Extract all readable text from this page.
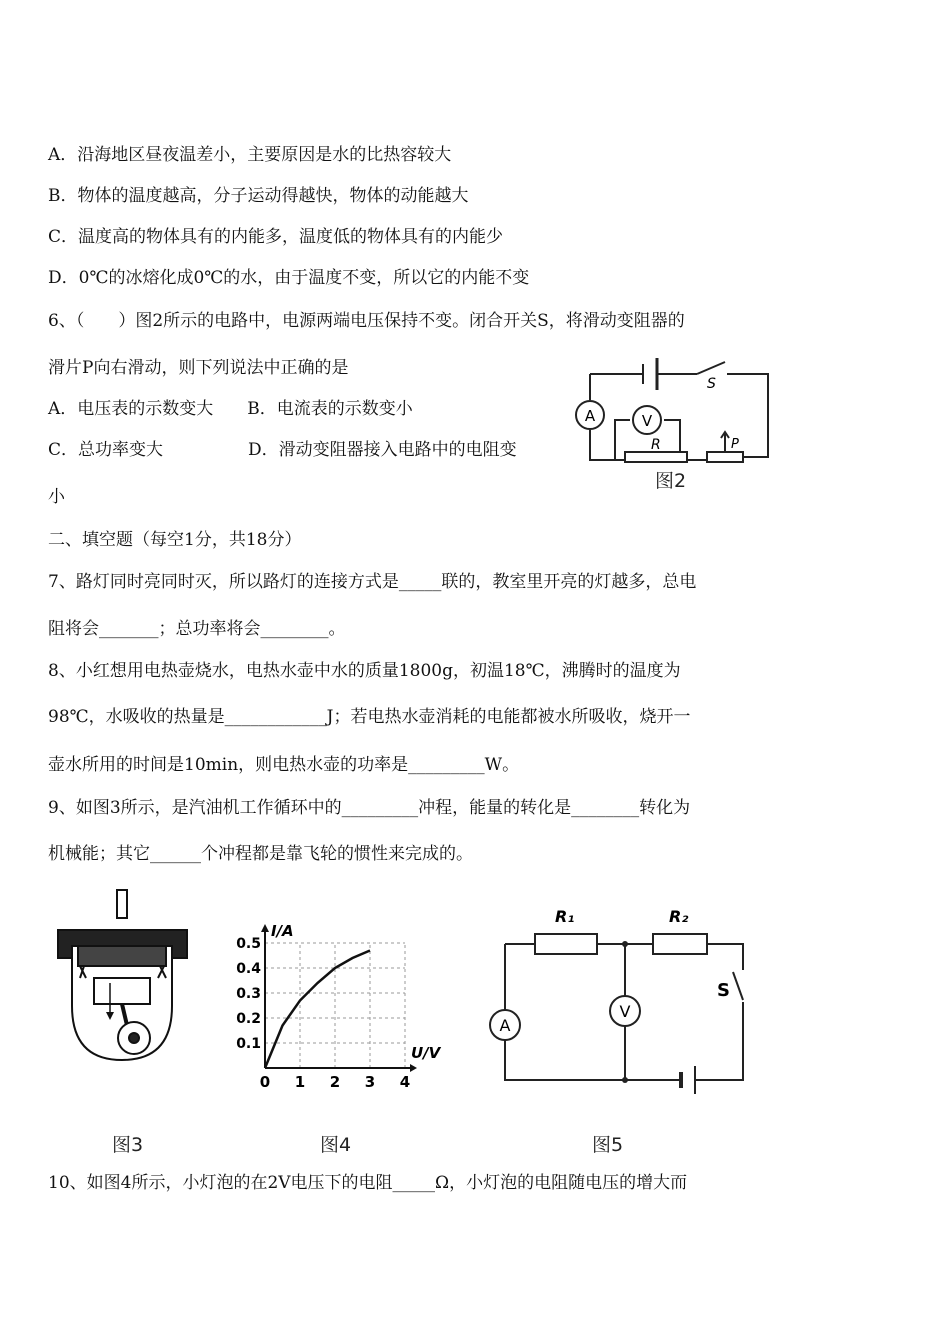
A．沿海地区昼夜温差小，主要原因是水的比热容较大
B．物体的温度越高，分子运动得越快，物体的动能越大
C．温度高的物体具有的内能多，温度低的物体具有的内能少
D．0℃的冰熔化成0℃的水，由于温度不变，所以它的内能不变
6、（　　）图2所示的电路中，电源两端电压保持不变。闭合开关S，将滑动变阻器的
滑片P向右滑动，则下列说法中正确的是
A．电压表的示数变大　　B．电流表的示数变小
C．总功率变大　　　　　D．滑动变阻器接入电路中的电阻变
小
二、填空题（每空1分，共18分）
7、路灯同时亮同时灭，所以路灯的连接方式是_____联的，教室里开亮的灯越多，总电
阻将会_______；总功率将会________。
8、小红想用电热壶烧水，电热水壶中水的质量1800g，初温18℃，沸腾时的温度为
98℃，水吸收的热量是____________J；若电热水壶消耗的电能都被水所吸收，烧开一
壶水所用的时间是10min，则电热水壶的功率是_________W。
9、如图3所示，是汽油机工作循环中的_________冲程，能量的转化是________转化为
机械能；其它______个冲程都是靠飞轮的惯性来完成的。
10、如图4所示，小灯泡的在2V电压下的电阻_____Ω，小灯泡的电阻随电压的增大而
A	V
S
R	P
图2
图3
0.5
0.4
0.3
0.2
0.1
0 1 2 3 4
I/A
U/V
图4
A
V
R₁	R₂
S
图5
